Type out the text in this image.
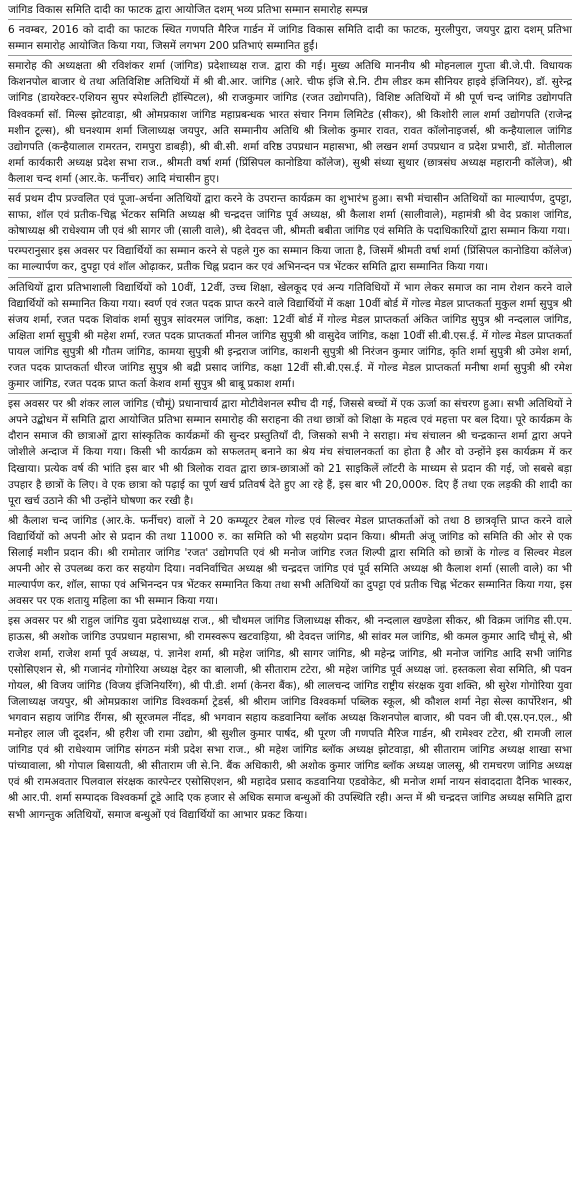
जांगिड विकास समिति दादी का फाटक द्वारा आयोजित दशम् भव्य प्रतिभा सम्मान समारोह सम्पन्न

6 नवम्बर, 2016 को दादी का फाटक स्थित गणपति मैरिज गार्डन में जांगिड विकास समिति दादी का फाटक, मुरलीपुरा, जयपुर द्वारा दशम् प्रतिभा सम्मान समारोह आयोजित किया गया, जिसमें लगभग 200 प्रतिभाएं सम्मानित हुईं।

समारोह की अध्यक्षता श्री रविशंकर शर्मा (जांगिड) प्रदेशाध्यक्ष राज. द्वारा की गई। मुख्य अतिथि माननीय श्री मोहनलाल गुप्ता बी.जे.पी. विधायक किशनपोल बाजार थे तथा अतिविशिष्ट अतिथियों में श्री बी.आर. जांगिड (आरे. चीफ इंजि से.नि. टीम लीडर कम सीनियर हाइवे इंजिनियर), डॉ. सुरेन्द्र जांगिड (डायरेक्टर-एशियन सुपर स्पेशलिटी हॉस्पिटल), श्री राजकुमार जांगिड (रजत उद्योगपति), विशिष्ट अतिथियों में श्री पूर्ण चन्द जांगिड उद्योगपति विश्वकर्मा सॉ. मिल्स झोटवाड़ा, श्री ओमप्रकाश जांगिड महाप्रबन्धक भारत संचार निगम लिमिटेड (सीकर), श्री किशोरी लाल शर्मा उद्योगपति (राजेन्द्र मशीन टूल्स), श्री घनश्याम शर्मा जिलाध्यक्ष जयपुर, अति सम्मानीय अतिथि श्री त्रिलोक कुमार रावत, रावत कॉलोनाइजर्स, श्री कन्हैयालाल जांगिड उद्योगपति (कन्हैयालाल रामरतन, रामपुरा डाबड़ी), श्री बी.सी. शर्मा वरिष्ठ उपप्रधान महासभा, श्री लखन शर्मा उपप्रधान व प्रदेश प्रभारी, डॉ. मोतीलाल शर्मा कार्यकारी अध्यक्ष प्रदेश सभा राज., श्रीमती वर्षा शर्मा (प्रिंसिपल कानोडिया कॉलेज), सुश्री संध्या सुथार (छात्रसंघ अध्यक्ष महारानी कॉलेज), श्री कैलाश चन्द शर्मा (आर.के. फर्नीचर) आदि मंचासीन हुए।

सर्व प्रथम दीप प्रज्वलित एवं पूजा-अर्चना अतिथियों द्वारा करने के उपरान्त कार्यक्रम का शुभारंभ हुआ। सभी मंचासीन अतिथियों का माल्यार्पण, दुपट्टा, साफा, शॉल एवं प्रतीक-चिह्न भेंटकर समिति अध्यक्ष श्री चन्द्रदत्त जांगिड पूर्व अध्यक्ष, श्री कैलाश शर्मा (सालीवाले), महामंत्री श्री वेद प्रकाश जांगिड, कोषाध्यक्ष श्री राधेश्याम जी एवं श्री सागर जी (साली वाले), श्री देवदत्त जी, श्रीमती बबीता जांगिड एवं समिति के पदाधिकारियों द्वारा सम्मान किया गया।

परम्परानुसार इस अवसर पर विद्यार्थियों का सम्मान करने से पहले गुरु का सम्मान किया जाता है, जिसमें श्रीमती वर्षा शर्मा (प्रिंसिपल कानोडिया कॉलेज) का माल्यार्पण कर, दुपट्टा एवं शॉल ओढ़ाकर, प्रतीक चिह्न प्रदान कर एवं अभिनन्दन पत्र भेंटकर समिति द्वारा सम्मानित किया गया।

अतिथियों द्वारा प्रतिभाशाली विद्यार्थियों को 10वीं, 12वीं, उच्च शिक्षा, खेलकूद एवं अन्य गतिविधियों में भाग लेकर समाज का नाम रोशन करने वाले विद्यार्थियों को सम्मानित किया गया। स्वर्ण एवं रजत पदक प्राप्त करने वाले विद्यार्थियों में कक्षा 10वीं बोर्ड में गोल्ड मेडल प्राप्तकर्ता मुकुल शर्मा सुपुत्र श्री संजय शर्मा, रजत पदक शिवांक शर्मा सुपुत्र सांवरमल जांगिड, कक्षा: 12वीं बोर्ड में गोल्ड मेडल प्राप्तकर्ता अंकित जांगिड सुपुत्र श्री नन्दलाल जांगिड, अक्षिता शर्मा सुपुत्री श्री महेश शर्मा, रजत पदक प्राप्तकर्ता मीनल जांगिड सुपुत्री श्री वासुदेव जांगिड, कक्षा 10वीं सी.बी.एस.ई. में गोल्ड मेडल प्राप्तकर्ता पायल जांगिड सुपुत्री श्री गौतम जांगिड, कामया सुपुत्री श्री इन्द्रराज जांगिड, काशनी सुपुत्री श्री निरंजन कुमार जांगिड, कृति शर्मा सुपुत्री श्री उमेश शर्मा, रजत पदक प्राप्तकर्ता धीरज जांगिड सुपुत्र श्री बद्री प्रसाद जांगिड, कक्षा 12वीं सी.बी.एस.ई. में गोल्ड मेडल प्राप्तकर्ता मनीषा शर्मा सुपुत्री श्री रमेश कुमार जांगिड, रजत पदक प्राप्त कर्ता केशव शर्मा सुपुत्र श्री बाबू प्रकाश शर्मा।

इस अवसर पर श्री शंकर लाल जांगिड (चौमूं) प्रधानाचार्य द्वारा मोटीवेशनल स्पीच दी गई, जिससे बच्चों में एक ऊर्जा का संचरण हुआ। सभी अतिथियों ने अपने उद्बोधन में समिति द्वारा आयोजित प्रतिभा सम्मान समारोह की सराहना की तथा छात्रों को शिक्षा के महत्व एवं महत्ता पर बल दिया। पूरे कार्यक्रम के दौरान समाज की छात्राओं द्वारा सांस्कृतिक कार्यक्रमों की सुन्दर प्रस्तुतियाँ दी, जिसको सभी ने सराहा। मंच संचालन श्री चन्द्रकान्त शर्मा द्वारा अपने जोशीले अन्दाज में किया गया। किसी भी कार्यक्रम को सफलतम् बनाने का श्रेय मंच संचालनकर्ता का होता है और वो उन्होंने इस कार्यक्रम में कर दिखाया। प्रत्येक वर्ष की भांति इस बार भी श्री त्रिलोक रावत द्वारा छात्र-छात्राओं को 21 साइकिलें लॉटरी के माध्यम से प्रदान की गई, जो सबसे बड़ा उपहार है छात्रों के लिए। वे एक छात्रा को पढ़ाई का पूर्ण खर्च प्रतिवर्ष देते हुए आ रहे हैं, इस बार भी 20,000रु. दिए हैं तथा एक लड़की की शादी का पूरा खर्च उठाने की भी उन्होंने घोषणा कर रखी है।

श्री कैलाश चन्द जांगिड (आर.के. फर्नीचर) वालों ने 20 कम्प्यूटर टेबल गोल्ड एवं सिल्वर मेडल प्राप्तकर्ताओं को तथा 8 छात्रवृत्ति प्राप्त करने वाले विद्यार्थियों को अपनी ओर से प्रदान की तथा 11000 रु. का समिति को भी सहयोग प्रदान किया। श्रीमती अंजू जांगिड को समिति की ओर से एक सिलाई मशीन प्रदान की। श्री रामोतार जांगिड 'रजत' उद्योगपति एवं श्री मनोज जांगिड रजत शिल्पी द्वारा समिति को छात्रों के गोल्ड व सिल्वर मेडल अपनी ओर से उपलब्ध करा कर सहयोग दिया। नवनिर्वाचित अध्यक्ष श्री चन्द्रदत्त जांगिड एवं पूर्व समिति अध्यक्ष श्री कैलाश शर्मा (साली वाले) का भी माल्यार्पण कर, शॉल, साफा एवं अभिनन्दन पत्र भेंटकर सम्मानित किया तथा सभी अतिथियों का दुपट्टा एवं प्रतीक चिह्न भेंटकर सम्मानित किया गया, इस अवसर पर एक शतायु महिला का भी सम्मान किया गया।

इस अवसर पर श्री राहुल जांगिड युवा प्रदेशाध्यक्ष राज., श्री चौथमल जांगिड जिलाध्यक्ष सीकर, श्री नन्दलाल खण्डेला सीकर, श्री विक्रम जांगिड सी.एम. हाऊस, श्री अशोक जांगिड उपप्रधान महासभा, श्री रामस्वरूप खटवाड़िया, श्री देवदत्त जांगिड, श्री सांवर मल जांगिड, श्री कमल कुमार आदि चौमूं से, श्री राजेश शर्मा, राजेश शर्मा पूर्व अध्यक्ष, पं. ज्ञानेश शर्मा, श्री महेश जांगिड, श्री सागर जांगिड, श्री महेन्द्र जांगिड, श्री मनोज जांगिड आदि सभी जांगिड एसोसिएशन से, श्री गजानंद गोगोरिया अध्यक्ष देहर का बालाजी, श्री सीताराम टटेरा, श्री महेश जांगिड पूर्व अध्यक्ष जां. हस्तकला सेवा समिति, श्री पवन गोयल, श्री विजय जांगिड (विजय इंजिनियरिंग), श्री पी.डी. शर्मा (केनरा बैंक), श्री लालचन्द जांगिड राष्ट्रीय संरक्षक युवा शक्ति, श्री सुरेश गोगोरिया युवा जिलाध्यक्ष जयपुर, श्री ओमप्रकाश जांगिड विश्वकर्मा ट्रेडर्स, श्री श्रीराम जांगिड विश्वकर्मा पब्लिक स्कूल, श्री कौशल शर्मा नेहा सेल्स कार्पोरेशन, श्री भगवान सहाय जांगिड रींगस, श्री सूरजमल नींदड, श्री भगवान सहाय कडवानिया ब्लॉक अध्यक्ष किशनपोल बाजार, श्री पवन जी बी.एस.एन.एल., श्री मनोहर लाल जी दूदर्शन, श्री हरीश जी रामा उद्योग, श्री सुशील कुमार पार्षद, श्री पूरण जी गणपति मैरिज गार्डन, श्री रामेश्वर टटेरा, श्री रामजी लाल जांगिड एवं श्री राधेश्याम जांगिड संगठन मंत्री प्रदेश सभा राज., श्री महेश जांगिड ब्लॉक अध्यक्ष झोटवाड़ा, श्री सीताराम जांगिड अध्यक्ष शाखा सभा पांच्यावाला, श्री गोपाल बिसायती, श्री सीताराम जी से.नि. बैंक अधिकारी, श्री अशोक कुमार जांगिड ब्लॉक अध्यक्ष जालसू, श्री रामचरण जांगिड अध्यक्ष एवं श्री रामअवतार पिलवाल संरक्षक कारपेन्टर एसोसिएशन, श्री महादेव प्रसाद कडवानिया एडवोकेट, श्री मनोज शर्मा नायन संवाददाता दैनिक भास्कर, श्री आर.पी. शर्मा सम्पादक विश्वकर्मा टूडे आदि एक हजार से अधिक समाज बन्धुओं की उपस्थिति रही। अन्त में श्री चन्द्रदत्त जांगिड अध्यक्ष समिति द्वारा सभी आगन्तुक अतिथियों, समाज बन्धुओं एवं विद्यार्थियों का आभार प्रकट किया।
